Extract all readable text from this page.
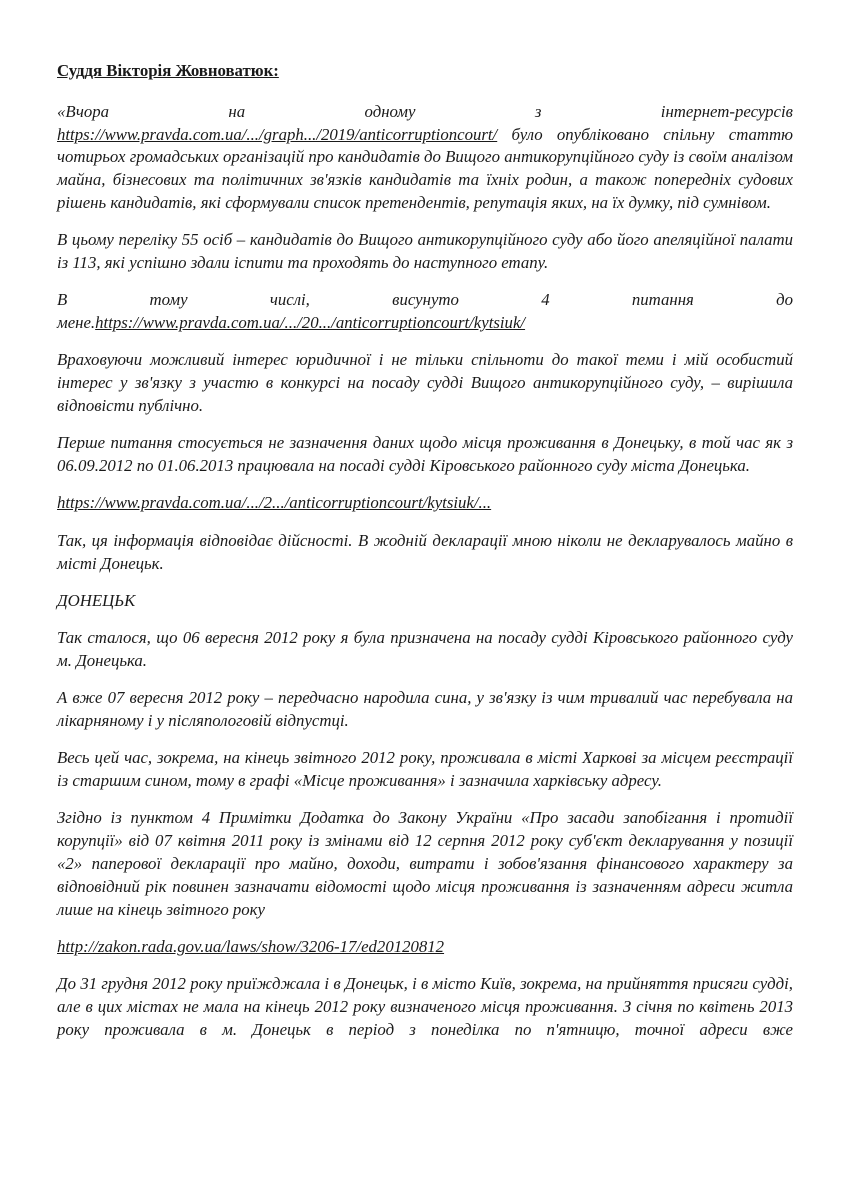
Суддя Вікторія Жовноватюк:
«Вчора	на	одному	з	інтернет-ресурсів
https://www.pravda.com.ua/.../graph.../2019/anticorruptioncourt/ було опубліковано спільну статтю чотирьох громадських організацій про кандидатів до Вищого антикорупційного суду із своїм аналізом майна, бізнесових та політичних зв'язків кандидатів та їхніх родин, а також попередніх судових рішень кандидатів, які сформували список претендентів, репутація яких, на їх думку, під сумнівом.
В цьому переліку 55 осіб – кандидатів до Вищого антикорупційного суду або його апеляційної палати із 113, які успішно здали іспити та проходять до наступного етапу.
В	тому	числі,	висунуто	4	питання	до
мене.https://www.pravda.com.ua/.../20.../anticorruptioncourt/kytsiuk/
Враховуючи можливий інтерес юридичної і не тільки спільноти до такої теми і мій особистий інтерес у зв'язку з участю в конкурсі на посаду судді Вищого антикорупційного суду, – вирішила відповісти публічно.
Перше питання стосується не зазначення даних щодо місця проживання в Донецьку, в той час як з 06.09.2012 по 01.06.2013 працювала на посаді судді Кіровського районного суду міста Донецька.
https://www.pravda.com.ua/.../2.../anticorruptioncourt/kytsiuk/...
Так, ця інформація відповідає дійсності. В жодній декларації мною ніколи не декларувалось майно в місті Донецьк.
ДОНЕЦЬК
Так сталося, що 06 вересня 2012 року я була призначена на посаду судді Кіровського районного суду м. Донецька.
А вже 07 вересня 2012 року – передчасно народила сина, у зв'язку із чим тривалий час перебувала на лікарняному і у післяпологовій відпустці.
Весь цей час, зокрема, на кінець звітного 2012 року, проживала в місті Харкові за місцем реєстрації із старшим сином, тому в графі «Місце проживання» і зазначила харківську адресу.
Згідно із пунктом 4 Примітки Додатка до Закону України «Про засади запобігання і протидії корупції» від 07 квітня 2011 року із змінами від 12 серпня 2012 року суб'єкт декларування у позиції «2» паперової декларації про майно, доходи, витрати і зобов'язання фінансового характеру за відповідний рік повинен зазначати відомості щодо місця проживання із зазначенням адреси житла лише на кінець звітного року
http://zakon.rada.gov.ua/laws/show/3206-17/ed20120812
До 31 грудня 2012 року приїжджала і в Донецьк, і в місто Київ, зокрема, на прийняття присяги судді, але в цих містах не мала на кінець 2012 року визначеного місця проживання. З січня по квітень 2013 року проживала в м. Донецьк в період з понеділка по п'ятницю, точної адреси вже
